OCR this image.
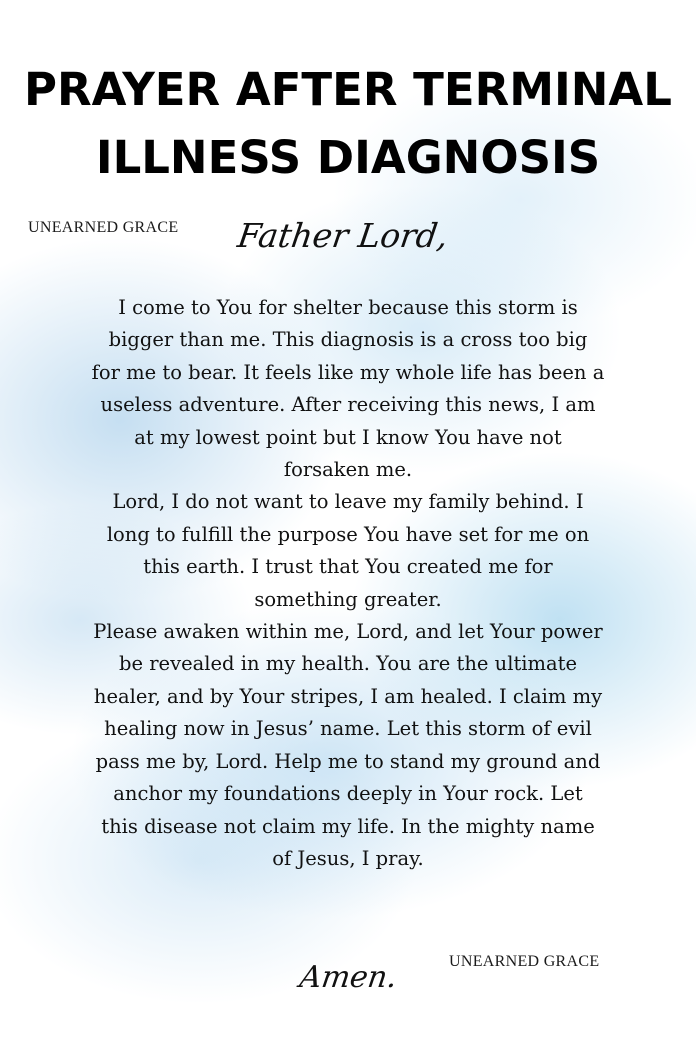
PRAYER AFTER TERMINAL
ILLNESS DIAGNOSIS
UNEARNED GRACE Father Lord,
I come to You for shelter because this storm is
bigger than me. This diagnosis is a cross too big
for me to bear. It feels like my whole life has been a
useless adventure. After receiving this news, I am
at my lowest point but I know You have not
forsaken me.
Lord, I do not want to leave my family behind. I
long to fulfill the purpose You have set for me on
this earth. I trust that You created me for
something greater.
Please awaken within me, Lord, and let Your power
be revealed in my health. You are the ultimate
healer, and by Your stripes, I am healed. I claim my
healing now in Jesus’ name. Let this storm of evil
pass me by, Lord. Help me to stand my ground and
anchor my foundations deeply in Your rock. Let
this disease not claim my life. In the mighty name
of Jesus, I pray.
Amen.	UNEARNED GRACE
